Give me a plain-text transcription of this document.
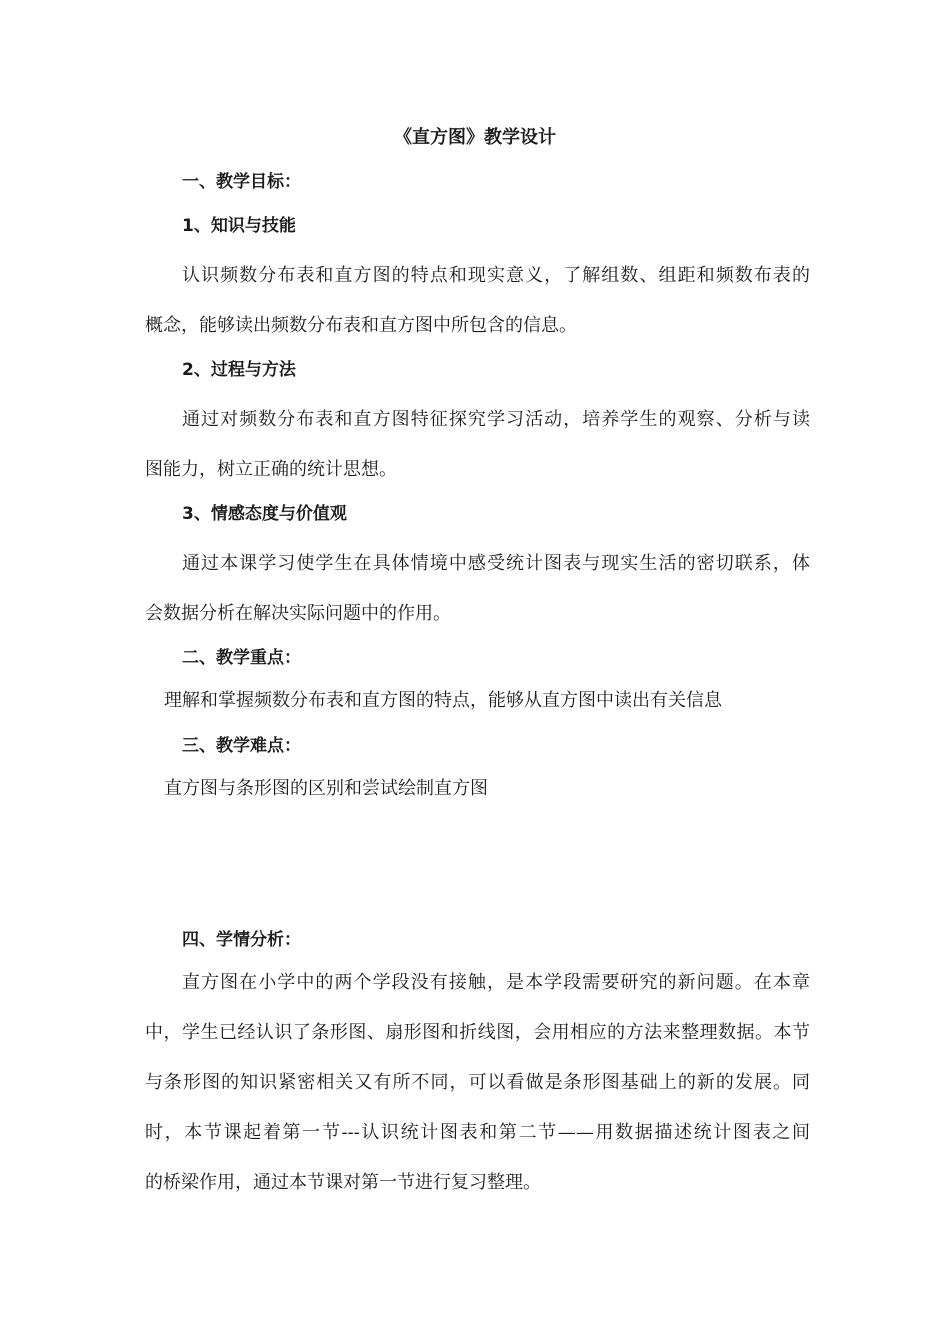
《直方图》教学设计
一、教学目标：
1、知识与技能
认识频数分布表和直方图的特点和现实意义，了解组数、组距和频数布表的
概念，能够读出频数分布表和直方图中所包含的信息。
2、过程与方法
通过对频数分布表和直方图特征探究学习活动，培养学生的观察、分析与读
图能力，树立正确的统计思想。
3、情感态度与价值观
通过本课学习使学生在具体情境中感受统计图表与现实生活的密切联系，体
会数据分析在解决实际问题中的作用。
二、教学重点：
理解和掌握频数分布表和直方图的特点，能够从直方图中读出有关信息
三、教学难点：
直方图与条形图的区别和尝试绘制直方图
四、学情分析：
直方图在小学中的两个学段没有接触，是本学段需要研究的新问题。在本章
中，学生已经认识了条形图、扇形图和折线图，会用相应的方法来整理数据。本节
与条形图的知识紧密相关又有所不同，可以看做是条形图基础上的新的发展。同
时，本节课起着第一节---认识统计图表和第二节——用数据描述统计图表之间
的桥梁作用，通过本节课对第一节进行复习整理。
